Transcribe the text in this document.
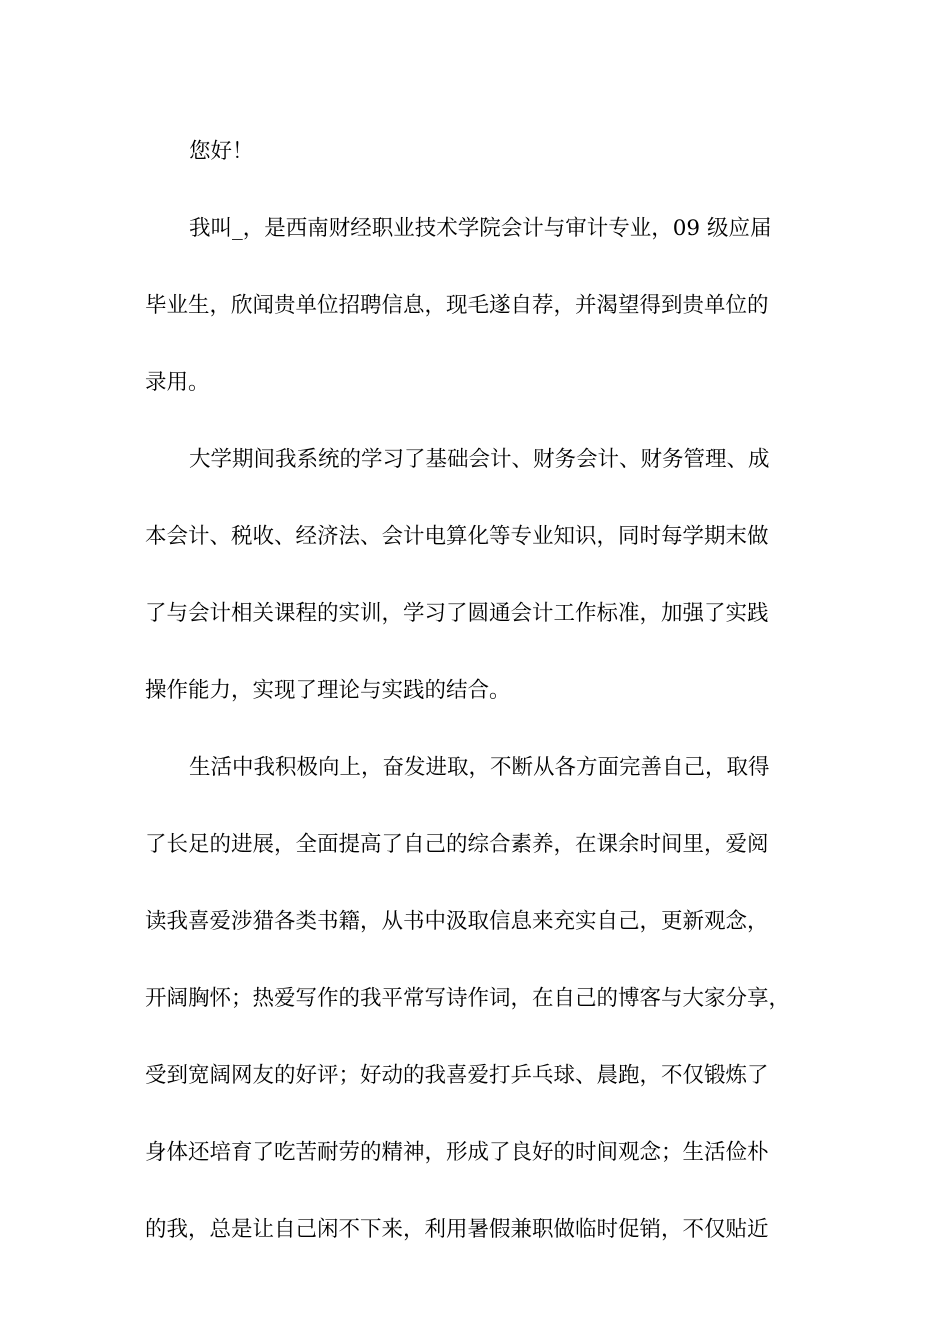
您好！
我叫_，是西南财经职业技术学院会计与审计专业，09 级应届
毕业生，欣闻贵单位招聘信息，现毛遂自荐，并渴望得到贵单位的
录用。
大学期间我系统的学习了基础会计、财务会计、财务管理、成
本会计、税收、经济法、会计电算化等专业知识，同时每学期末做
了与会计相关课程的实训，学习了圆通会计工作标准，加强了实践
操作能力，实现了理论与实践的结合。
生活中我积极向上，奋发进取，不断从各方面完善自己，取得
了长足的进展，全面提高了自己的综合素养，在课余时间里，爱阅
读我喜爱涉猎各类书籍，从书中汲取信息来充实自己，更新观念，
开阔胸怀；热爱写作的我平常写诗作词，在自己的博客与大家分享，
受到宽阔网友的好评；好动的我喜爱打乒乓球、晨跑，不仅锻炼了
身体还培育了吃苦耐劳的精神，形成了良好的时间观念；生活俭朴
的我，总是让自己闲不下来，利用暑假兼职做临时促销，不仅贴近
